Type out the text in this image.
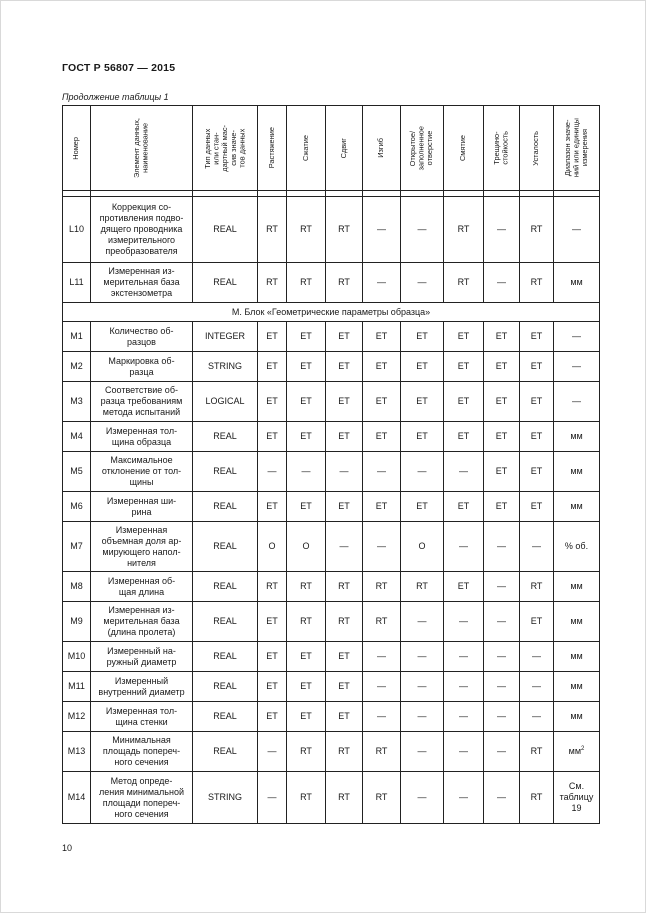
ГОСТ Р 56807 — 2015
Продолжение таблицы 1
Номер	Элемент данных,
наименование	Тип данных
или стан-
дартный мас-
сив значе-
тов данных	Растяжение	Сжатие	Сдвиг	Изгиб	Открытое/
заполненное
отверстие	Смятие	Трещино-
стойкость	Усталость	Диапазон значе-
ний или единицы
измерения

L10	Коррекция со-
противления подво-
дящего проводника
измерительного
преобразователя	REAL	RT	RT	RT	—	—	RT	—	RT	—
L11	Измеренная из-
мерительная база
экстензометра	REAL	RT	RT	RT	—	—	RT	—	RT	мм
М. Блок «Геометрические параметры образца»											
M1	Количество об-
разцов	INTEGER	ET	ET	ET	ET	ET	ET	ET	ET	—
M2	Маркировка об-
разца	STRING	ET	ET	ET	ET	ET	ET	ET	ET	—
M3	Соответствие об-
разца требованиям
метода испытаний	LOGICAL	ET	ET	ET	ET	ET	ET	ET	ET	—
M4	Измеренная тол-
щина образца	REAL	ET	ET	ET	ET	ET	ET	ET	ET	мм
M5	Максимальное
отклонение от тол-
щины	REAL	—	—	—	—	—	—	ET	ET	мм
M6	Измеренная ши-
рина	REAL	ET	ET	ET	ET	ET	ET	ET	ET	мм
M7	Измеренная
объемная доля ар-
мирующего напол-
нителя	REAL	O	O	—	—	O	—	—	—	% об.
M8	Измеренная об-
щая длина	REAL	RT	RT	RT	RT	RT	ET	—	RT	мм
M9	Измеренная из-
мерительная база
(длина пролета)	REAL	ET	RT	RT	RT	—	—	—	ET	мм
M10	Измеренный на-
ружный диаметр	REAL	ET	ET	ET	—	—	—	—	—	мм
M11	Измеренный
внутренний диаметр	REAL	ET	ET	ET	—	—	—	—	—	мм
M12	Измеренная тол-
щина стенки	REAL	ET	ET	ET	—	—	—	—	—	мм
M13	Минимальная
площадь попереч-
ного сечения	REAL	—	RT	RT	RT	—	—	—	RT	$мм^2$
M14	Метод опреде-
ления минимальной
площади попереч-
ного сечения	STRING	—	RT	RT	RT	—	—	—	RT	См.
таблицу
19
10
